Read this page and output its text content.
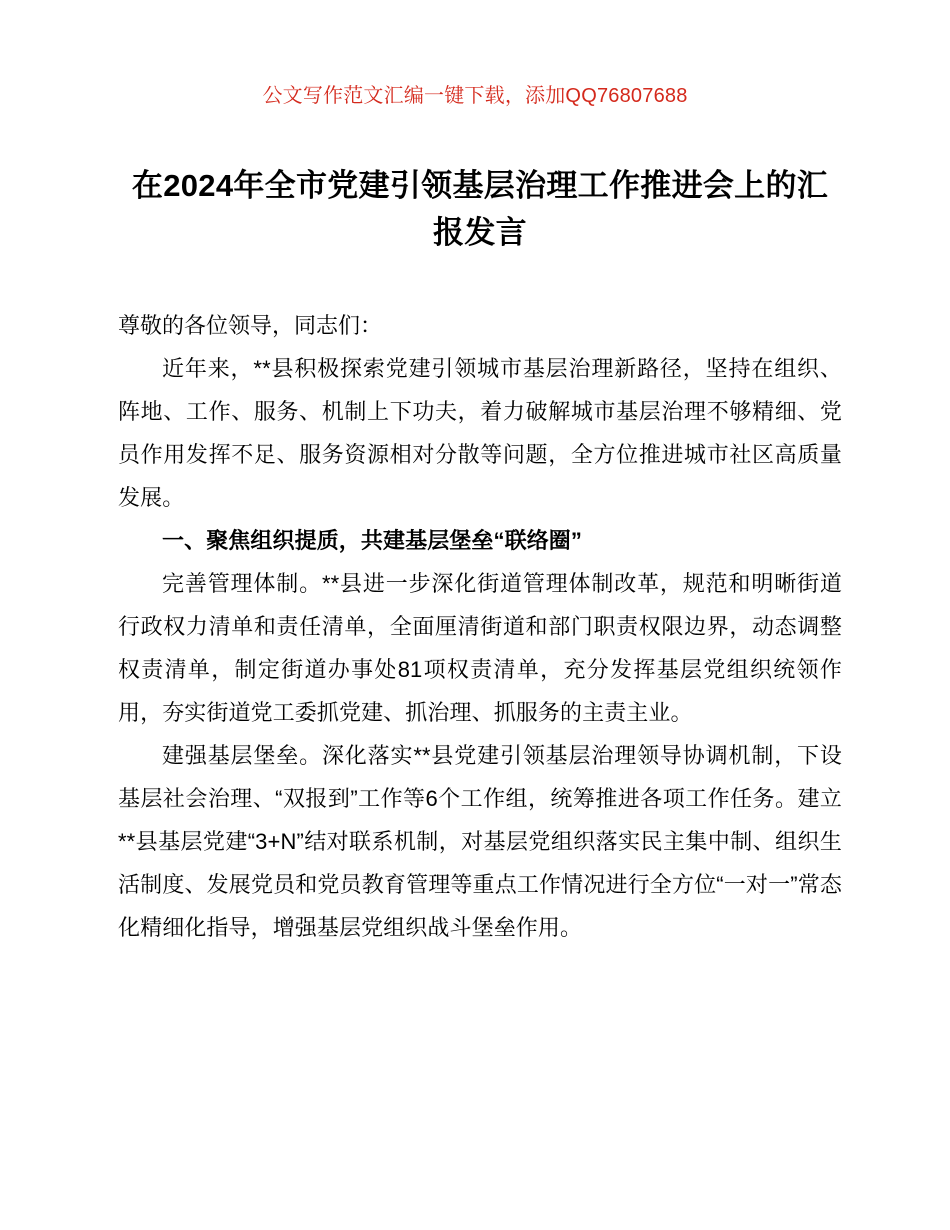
公文写作范文汇编一键下载，添加QQ76807688
在2024年全市党建引领基层治理工作推进会上的汇报发言
尊敬的各位领导，同志们：

近年来，**县积极探索党建引领城市基层治理新路径，坚持在组织、阵地、工作、服务、机制上下功夫，着力破解城市基层治理不够精细、党员作用发挥不足、服务资源相对分散等问题，全方位推进城市社区高质量发展。

一、聚焦组织提质，共建基层堡垒“联络圈”

完善管理体制。**县进一步深化街道管理体制改革，规范和明晰街道行政权力清单和责任清单，全面厘清街道和部门职责权限边界，动态调整权责清单，制定街道办事处81项权责清单，充分发挥基层党组织统领作用，夯实街道党工委抓党建、抓治理、抓服务的主责主业。

建强基层堡垒。深化落实**县党建引领基层治理领导协调机制，下设基层社会治理、“双报到”工作等6个工作组，统筹推进各项工作任务。建立**县基层党建“3+N”结对联系机制，对基层党组织落实民主集中制、组织生活制度、发展党员和党员教育管理等重点工作情况进行全方位“一对一”常态化精细化指导，增强基层党组织战斗堡垒作用。
